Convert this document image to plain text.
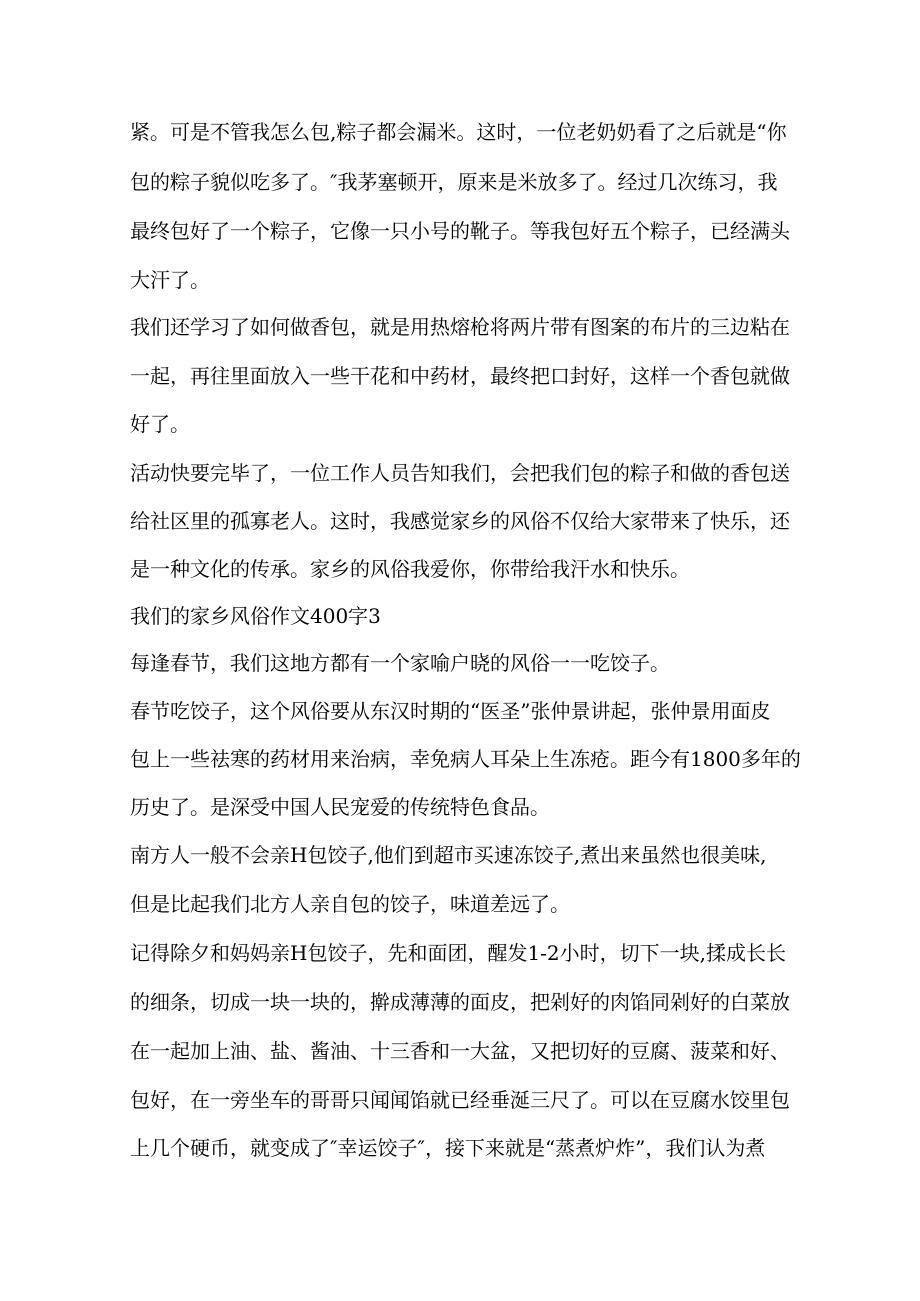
紧。可是不管我怎么包,粽子都会漏米。这时，一位老奶奶看了之后就是“你
包的粽子貌似吃多了。″我茅塞顿开，原来是米放多了。经过几次练习，我
最终包好了一个粽子，它像一只小号的靴子。等我包好五个粽子，已经满头
大汗了。
我们还学习了如何做香包，就是用热熔枪将两片带有图案的布片的三边粘在
一起，再往里面放入一些干花和中药材，最终把口封好，这样一个香包就做
好了。
活动快要完毕了，一位工作人员告知我们，会把我们包的粽子和做的香包送
给社区里的孤寡老人。这时，我感觉家乡的风俗不仅给大家带来了快乐，还
是一种文化的传承。家乡的风俗我爱你，你带给我汗水和快乐。
我们的家乡风俗作文400字3
每逢春节，我们这地方都有一个家喻户晓的风俗一一吃饺子。
春节吃饺子，这个风俗要从东汉时期的“医圣”张仲景讲起，张仲景用面皮
包上一些祛寒的药材用来治病，幸免病人耳朵上生冻疮。距今有1800多年的
历史了。是深受中国人民宠爱的传统特色食品。
南方人一般不会亲H包饺子,他们到超市买速冻饺子,煮出来虽然也很美味,
但是比起我们北方人亲自包的饺子，味道差远了。
记得除夕和妈妈亲H包饺子，先和面团，醒发1-2小时，切下一块,揉成长长
的细条，切成一块一块的，擀成薄薄的面皮，把剁好的肉馅同剁好的白菜放
在一起加上油、盐、酱油、十三香和一大盆，又把切好的豆腐、菠菜和好、
包好，在一旁坐车的哥哥只闻闻馅就已经垂涎三尺了。可以在豆腐水饺里包
上几个硬币，就变成了″幸运饺子″，接下来就是“蒸煮炉炸”，我们认为煮
